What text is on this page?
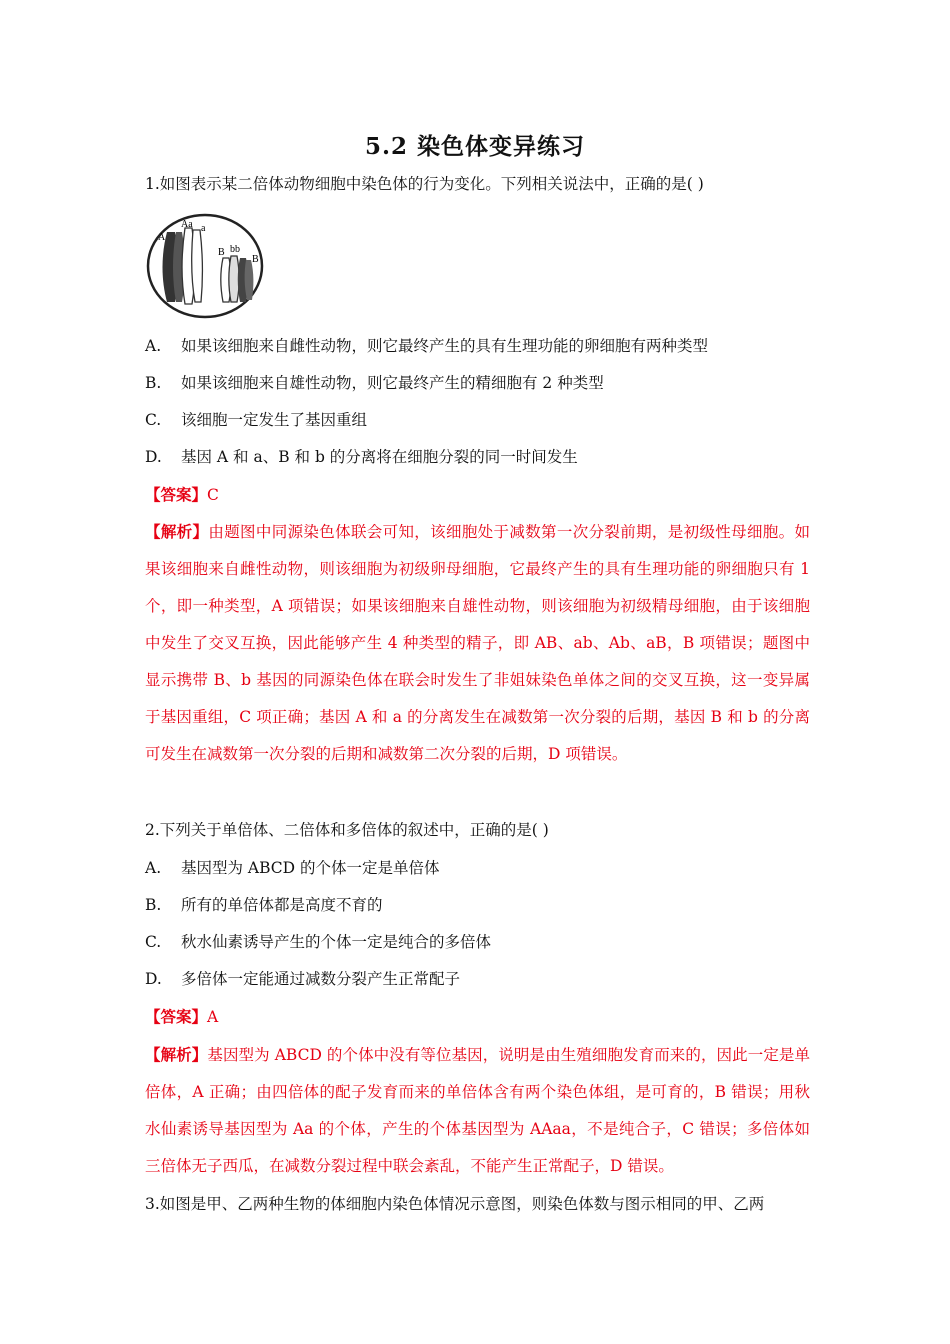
5.2 染色体变异练习
1.如图表示某二倍体动物细胞中染色体的行为变化。下列相关说法中，正确的是( )
A
Aa a
B bb
B
A. 如果该细胞来自雌性动物，则它最终产生的具有生理功能的卵细胞有两种类型
B. 如果该细胞来自雄性动物，则它最终产生的精细胞有 2 种类型
C. 该细胞一定发生了基因重组
D. 基因 A 和 a、B 和 b 的分离将在细胞分裂的同一时间发生
【答案】C
【解析】由题图中同源染色体联会可知，该细胞处于减数第一次分裂前期，是初级性母细胞。如果该细胞来自雌性动物，则该细胞为初级卵母细胞，它最终产生的具有生理功能的卵细胞只有 1 个，即一种类型，A 项错误；如果该细胞来自雄性动物，则该细胞为初级精母细胞，由于该细胞中发生了交叉互换，因此能够产生 4 种类型的精子，即 AB、ab、Ab、aB，B 项错误；题图中显示携带 B、b 基因的同源染色体在联会时发生了非姐妹染色单体之间的交叉互换，这一变异属于基因重组，C 项正确；基因 A 和 a 的分离发生在减数第一次分裂的后期，基因 B 和 b 的分离可发生在减数第一次分裂的后期和减数第二次分裂的后期，D 项错误。
2.下列关于单倍体、二倍体和多倍体的叙述中，正确的是( )
A. 基因型为 ABCD 的个体一定是单倍体
B. 所有的单倍体都是高度不育的
C. 秋水仙素诱导产生的个体一定是纯合的多倍体
D. 多倍体一定能通过减数分裂产生正常配子
【答案】A
【解析】基因型为 ABCD 的个体中没有等位基因，说明是由生殖细胞发育而来的，因此一定是单倍体，A 正确；由四倍体的配子发育而来的单倍体含有两个染色体组，是可育的，B 错误；用秋水仙素诱导基因型为 Aa 的个体，产生的个体基因型为 AAaa，不是纯合子，C 错误；多倍体如三倍体无子西瓜，在减数分裂过程中联会紊乱，不能产生正常配子，D 错误。
3.如图是甲、乙两种生物的体细胞内染色体情况示意图，则染色体数与图示相同的甲、乙两
